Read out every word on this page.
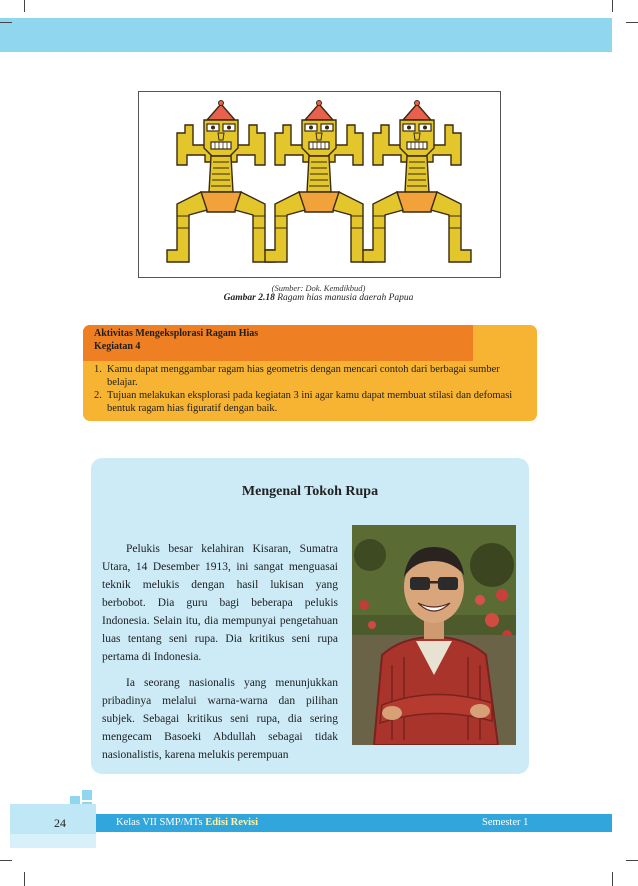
(Sumber: Dok. Kemdikbud)
Gambar 2.18 Ragam hias manusia daerah Papua
Aktivitas Mengeksplorasi Ragam Hias
Kegiatan 4
1. Kamu dapat menggambar ragam hias geometris dengan mencari contoh dari berbagai sumber belajar.
2. Tujuan melakukan eksplorasi pada kegiatan 3 ini agar kamu dapat membuat stilasi dan defomasi bentuk ragam hias figuratif dengan baik.
Mengenal Tokoh Rupa

Pelukis besar kelahiran Kisaran, Sumatra Utara, 14 Desember 1913, ini sangat menguasai teknik melukis dengan hasil lukisan yang berbobot. Dia guru bagi beberapa pelukis Indonesia. Selain itu, dia mempunyai pengetahuan luas tentang seni rupa. Dia kritikus seni rupa pertama di Indonesia.

Ia seorang nasionalis yang menunjukkan pribadinya melalui warna-warna dan pilihan subjek. Sebagai kritikus seni rupa, dia sering mengecam Basoeki Abdullah sebagai tidak nasionalistis, karena melukis perempuan

24	Kelas VII SMP/MTs Edisi Revisi	Semester 1
